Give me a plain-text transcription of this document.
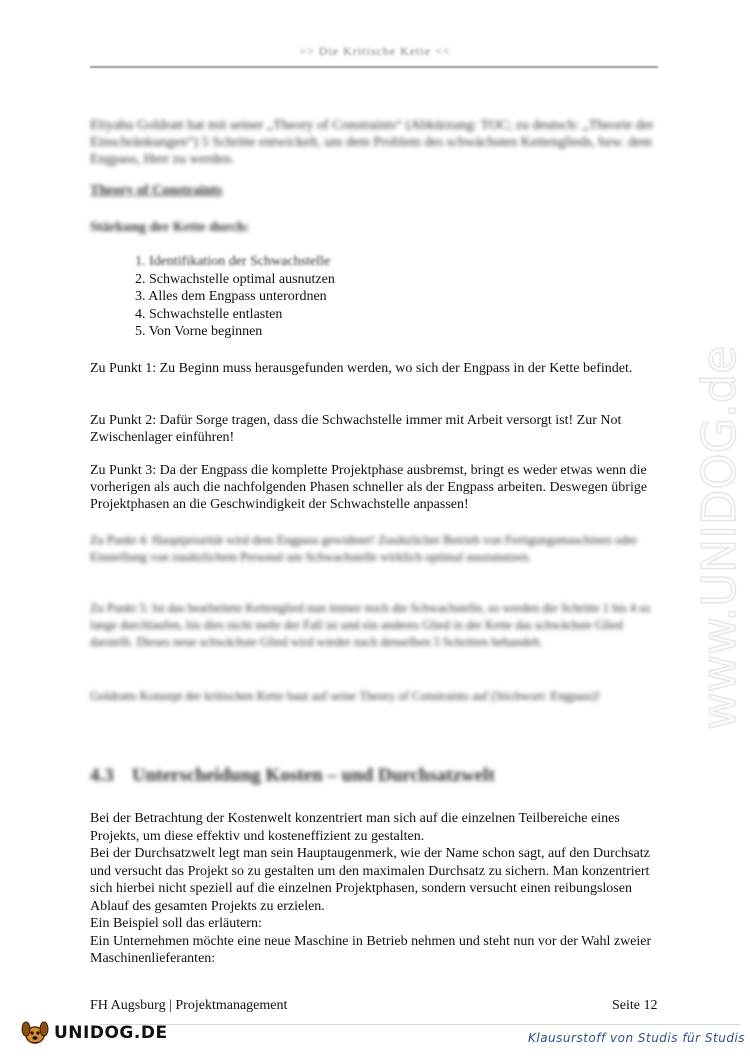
>> Die Kritische Kette <<
Eliyahu Goldratt hat mit seiner „Theory of Constraints“ (Abkürzung: TOC; zu deutsch: „Theorie der Einschränkungen“) 5 Schritte entwickelt, um dem Problem des schwächsten Kettenglieds, bzw. dem Engpass, Herr zu werden.
Theory of Constraints
Stärkung der Kette durch:
1. Identifikation der Schwachstelle
2. Schwachstelle optimal ausnutzen
3. Alles dem Engpass unterordnen
4. Schwachstelle entlasten
5. Von Vorne beginnen
Zu Punkt 1: Zu Beginn muss herausgefunden werden, wo sich der Engpass in der Kette befindet.
Zu Punkt 2: Dafür Sorge tragen, dass die Schwachstelle immer mit Arbeit versorgt ist! Zur Not Zwischenlager einführen!
Zu Punkt 3: Da der Engpass die komplette Projektphase ausbremst, bringt es weder etwas wenn die vorherigen als auch die nachfolgenden Phasen schneller als der Engpass arbeiten. Deswegen übrige Projektphasen an die Geschwindigkeit der Schwachstelle anpassen!
Zu Punkt 4: Hauptpriorität wird dem Engpass gewidmet! Zusätzlicher Betrieb von Fertigungsmaschinen oder Einstellung von zusätzlichem Personal um Schwachstelle wirklich optimal auszunutzen.
Zu Punkt 5: Ist das bearbeitete Kettenglied nun immer noch die Schwachstelle, so werden die Schritte 1 bis 4 so lange durchlaufen, bis dies nicht mehr der Fall ist und ein anderes Glied in der Kette das schwächste Glied darstellt. Dieses neue schwächste Glied wird wieder nach denselben 5 Schritten behandelt.
Goldratts Konzept der kritischen Kette baut auf seine Theory of Constraints auf (Stichwort: Engpass)!
4.3 Unterscheidung Kosten – und Durchsatzwelt
Bei der Betrachtung der Kostenwelt konzentriert man sich auf die einzelnen Teilbereiche eines Projekts, um diese effektiv und kosteneffizient zu gestalten.
Bei der Durchsatzwelt legt man sein Hauptaugenmerk, wie der Name schon sagt, auf den Durchsatz und versucht das Projekt so zu gestalten um den maximalen Durchsatz zu sichern. Man konzentriert sich hierbei nicht speziell auf die einzelnen Projektphasen, sondern versucht einen reibungslosen Ablauf des gesamten Projekts zu erzielen.
Ein Beispiel soll das erläutern:
Ein Unternehmen möchte eine neue Maschine in Betrieb nehmen und steht nun vor der Wahl zweier Maschinenlieferanten:
www.UNIDOG.de
FH Augsburg | Projektmanagement	Seite 12
UNIDOG.DE	Klausurstoff von Studis für Studis
